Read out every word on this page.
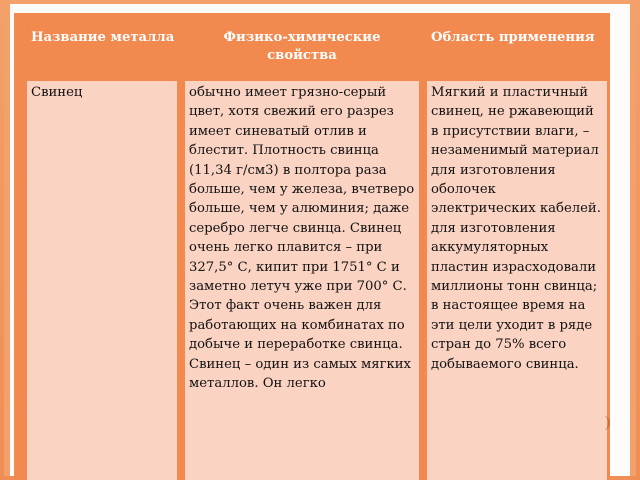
Название металла	Физико-химические свойства
Область применения
Свинец	обычно имеет грязно-серый цвет, хотя свежий его разрез имеет синеватый отлив и блестит. Плотность свинца (11,34 г/см3) в полтора раза больше, чем у железа, вчетверо больше, чем у алюминия; даже серебро легче свинца. Свинец очень легко плавится – при 327,5° С, кипит при 1751° С и заметно летуч уже при 700° С. Этот факт очень важен для работающих на комбинатах по добыче и переработке свинца. Свинец – один из самых мягких металлов. Он легко
Мягкий и пластичный свинец, не ржавеющий в присутствии влаги, – незаменимый материал для изготовления оболочек электрических кабелей. для изготовления аккумуляторных пластин израсходовали миллионы тонн свинца; в настоящее время на эти цели уходит в ряде стран до 75% всего добываемого свинца.
